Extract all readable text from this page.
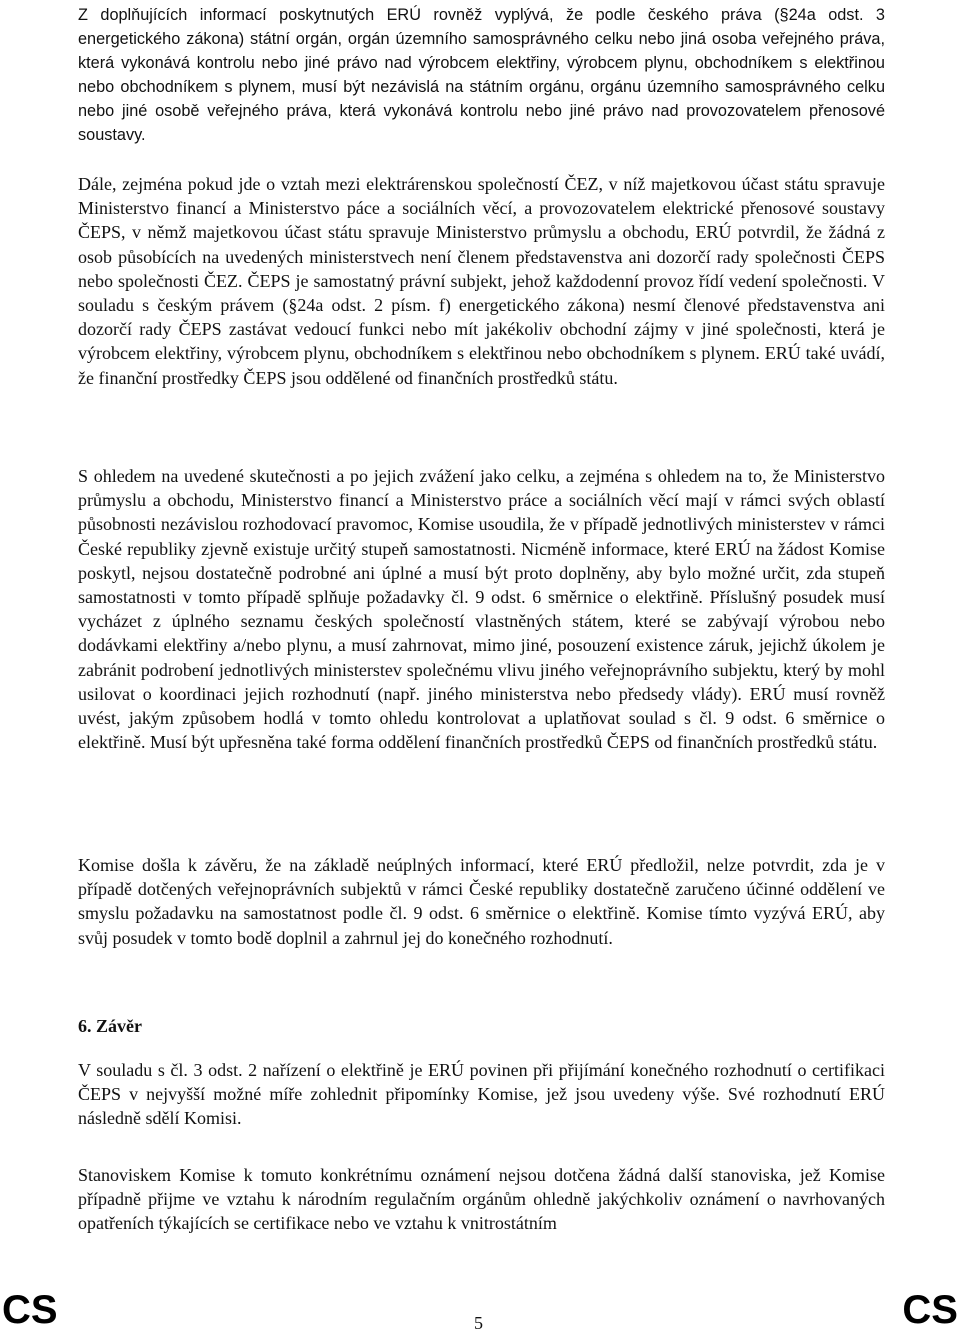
Z doplňujících informací poskytnutých ERÚ rovněž vyplývá, že podle českého práva (§24a odst. 3 energetického zákona) státní orgán, orgán územního samosprávného celku nebo jiná osoba veřejného práva, která vykonává kontrolu nebo jiné právo nad výrobcem elektřiny, výrobcem plynu, obchodníkem s elektřinou nebo obchodníkem s plynem, musí být nezávislá na státním orgánu, orgánu územního samosprávného celku nebo jiné osobě veřejného práva, která vykonává kontrolu nebo jiné právo nad provozovatelem přenosové soustavy.

Dále, zejména pokud jde o vztah mezi elektrárenskou společností ČEZ, v níž majetkovou účast státu spravuje Ministerstvo financí a Ministerstvo páce a sociálních věcí, a provozovatelem elektrické přenosové soustavy ČEPS, v němž majetkovou účast státu spravuje Ministerstvo průmyslu a obchodu, ERÚ potvrdil, že žádná z osob působících na uvedených ministerstvech není členem představenstva ani dozorčí rady společnosti ČEPS nebo společnosti ČEZ. ČEPS je samostatný právní subjekt, jehož každodenní provoz řídí vedení společnosti. V souladu s českým právem (§24a odst. 2 písm. f) energetického zákona) nesmí členové představenstva ani dozorčí rady ČEPS zastávat vedoucí funkci nebo mít jakékoliv obchodní zájmy v jiné společnosti, která je výrobcem elektřiny, výrobcem plynu, obchodníkem s elektřinou nebo obchodníkem s plynem. ERÚ také uvádí, že finanční prostředky ČEPS jsou oddělené od finančních prostředků státu.

S ohledem na uvedené skutečnosti a po jejich zvážení jako celku, a zejména s ohledem na to, že Ministerstvo průmyslu a obchodu, Ministerstvo financí a Ministerstvo práce a sociálních věcí mají v rámci svých oblastí působnosti nezávislou rozhodovací pravomoc, Komise usoudila, že v případě jednotlivých ministerstev v rámci České republiky zjevně existuje určitý stupeň samostatnosti. Nicméně informace, které ERÚ na žádost Komise poskytl, nejsou dostatečně podrobné ani úplné a musí být proto doplněny, aby bylo možné určit, zda stupeň samostatnosti v tomto případě splňuje požadavky čl. 9 odst. 6 směrnice o elektřině. Příslušný posudek musí vycházet z úplného seznamu českých společností vlastněných státem, které se zabývají výrobou nebo dodávkami elektřiny a/nebo plynu, a musí zahrnovat, mimo jiné, posouzení existence záruk, jejichž úkolem je zabránit podrobení jednotlivých ministerstev společnému vlivu jiného veřejnoprávního subjektu, který by mohl usilovat o koordinaci jejich rozhodnutí (např. jiného ministerstva nebo předsedy vlády). ERÚ musí rovněž uvést, jakým způsobem hodlá v tomto ohledu kontrolovat a uplatňovat soulad s čl. 9 odst. 6 směrnice o elektřině. Musí být upřesněna také forma oddělení finančních prostředků ČEPS od finančních prostředků státu.

Komise došla k závěru, že na základě neúplných informací, které ERÚ předložil, nelze potvrdit, zda je v případě dotčených veřejnoprávních subjektů v rámci České republiky dostatečně zaručeno účinné oddělení ve smyslu požadavku na samostatnost podle čl. 9 odst. 6 směrnice o elektřině. Komise tímto vyzývá ERÚ, aby svůj posudek v tomto bodě doplnil a zahrnul jej do konečného rozhodnutí.

6. Závěr

V souladu s čl. 3 odst. 2 nařízení o elektřině je ERÚ povinen při přijímání konečného rozhodnutí o certifikaci ČEPS v nejvyšší možné míře zohlednit připomínky Komise, jež jsou uvedeny výše. Své rozhodnutí ERÚ následně sdělí Komisi.

Stanoviskem Komise k tomuto konkrétnímu oznámení nejsou dotčena žádná další stanoviska, jež Komise případně přijme ve vztahu k národním regulačním orgánům ohledně jakýchkoliv oznámení o navrhovaných opatřeních týkajících se certifikace nebo ve vztahu k vnitrostátním

CS	5	CS
